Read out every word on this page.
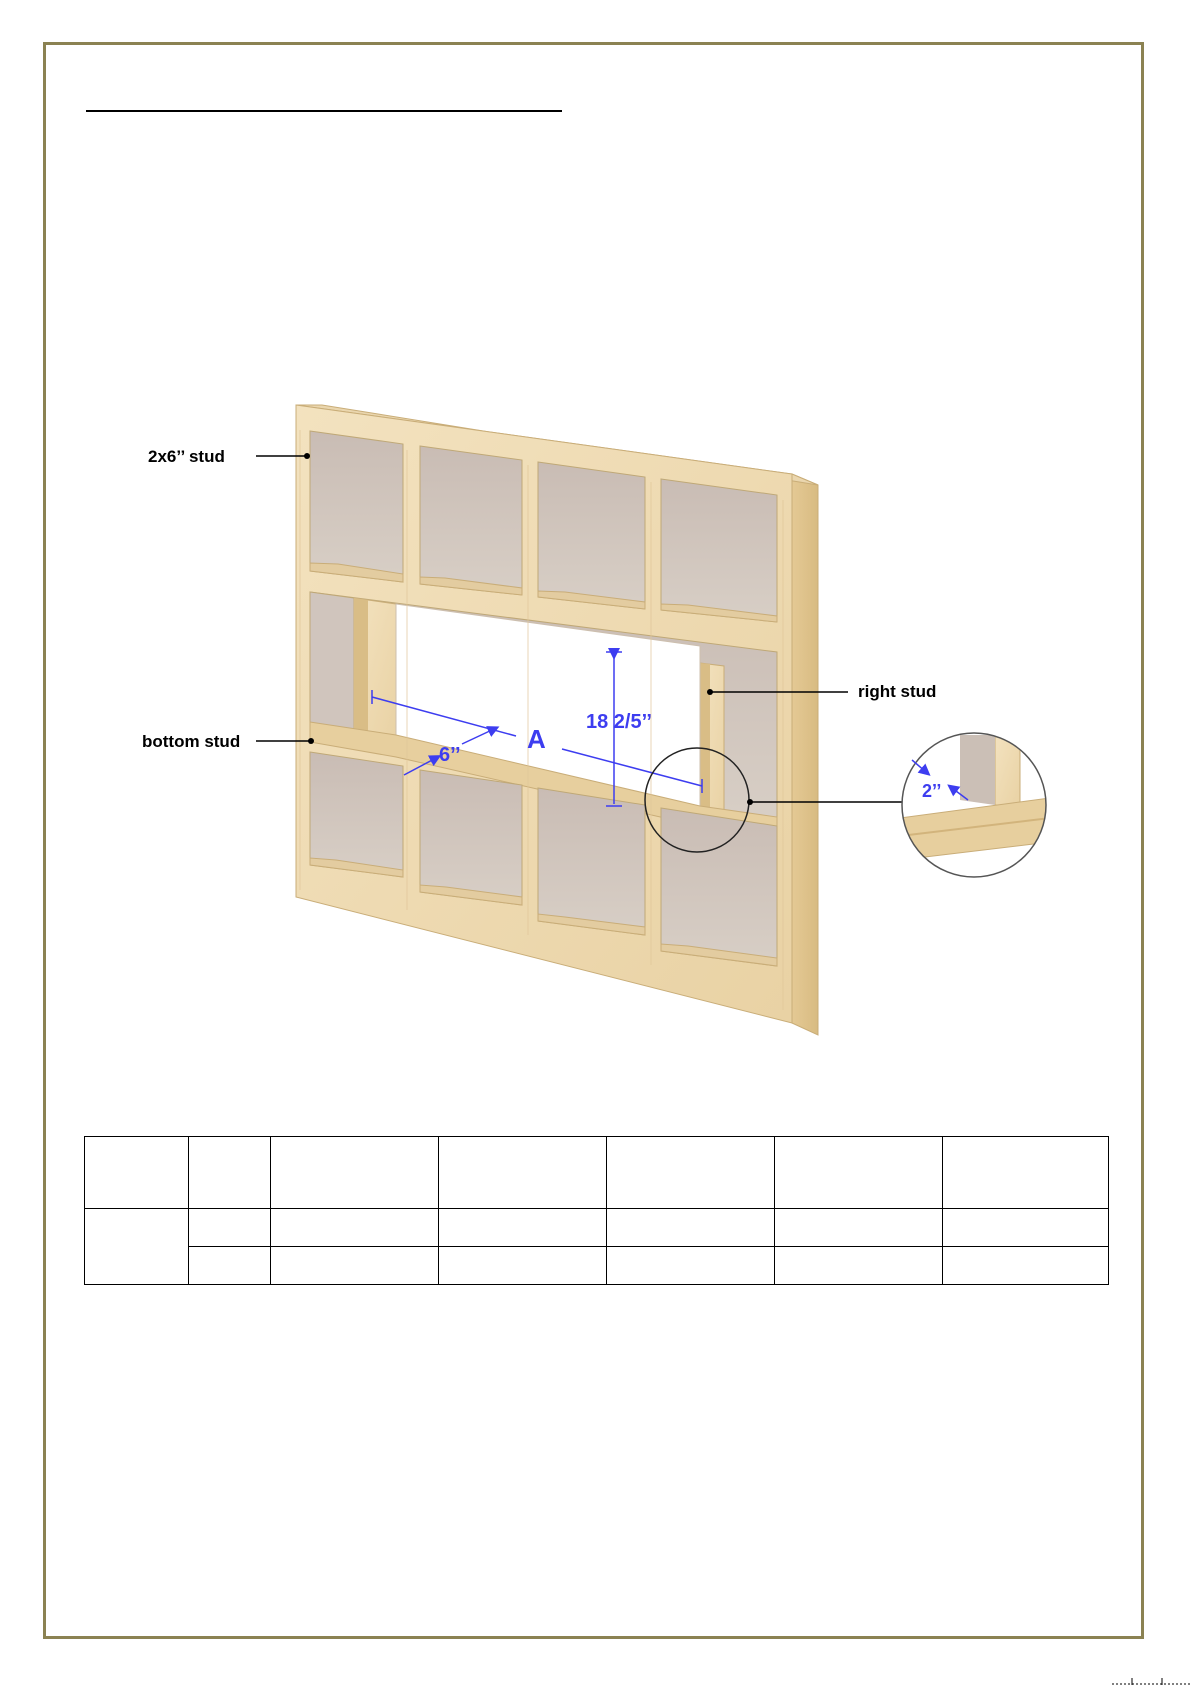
2x6’’ stud
right stud
bottom stud	A
18 2/5’’
6’’
2’’
